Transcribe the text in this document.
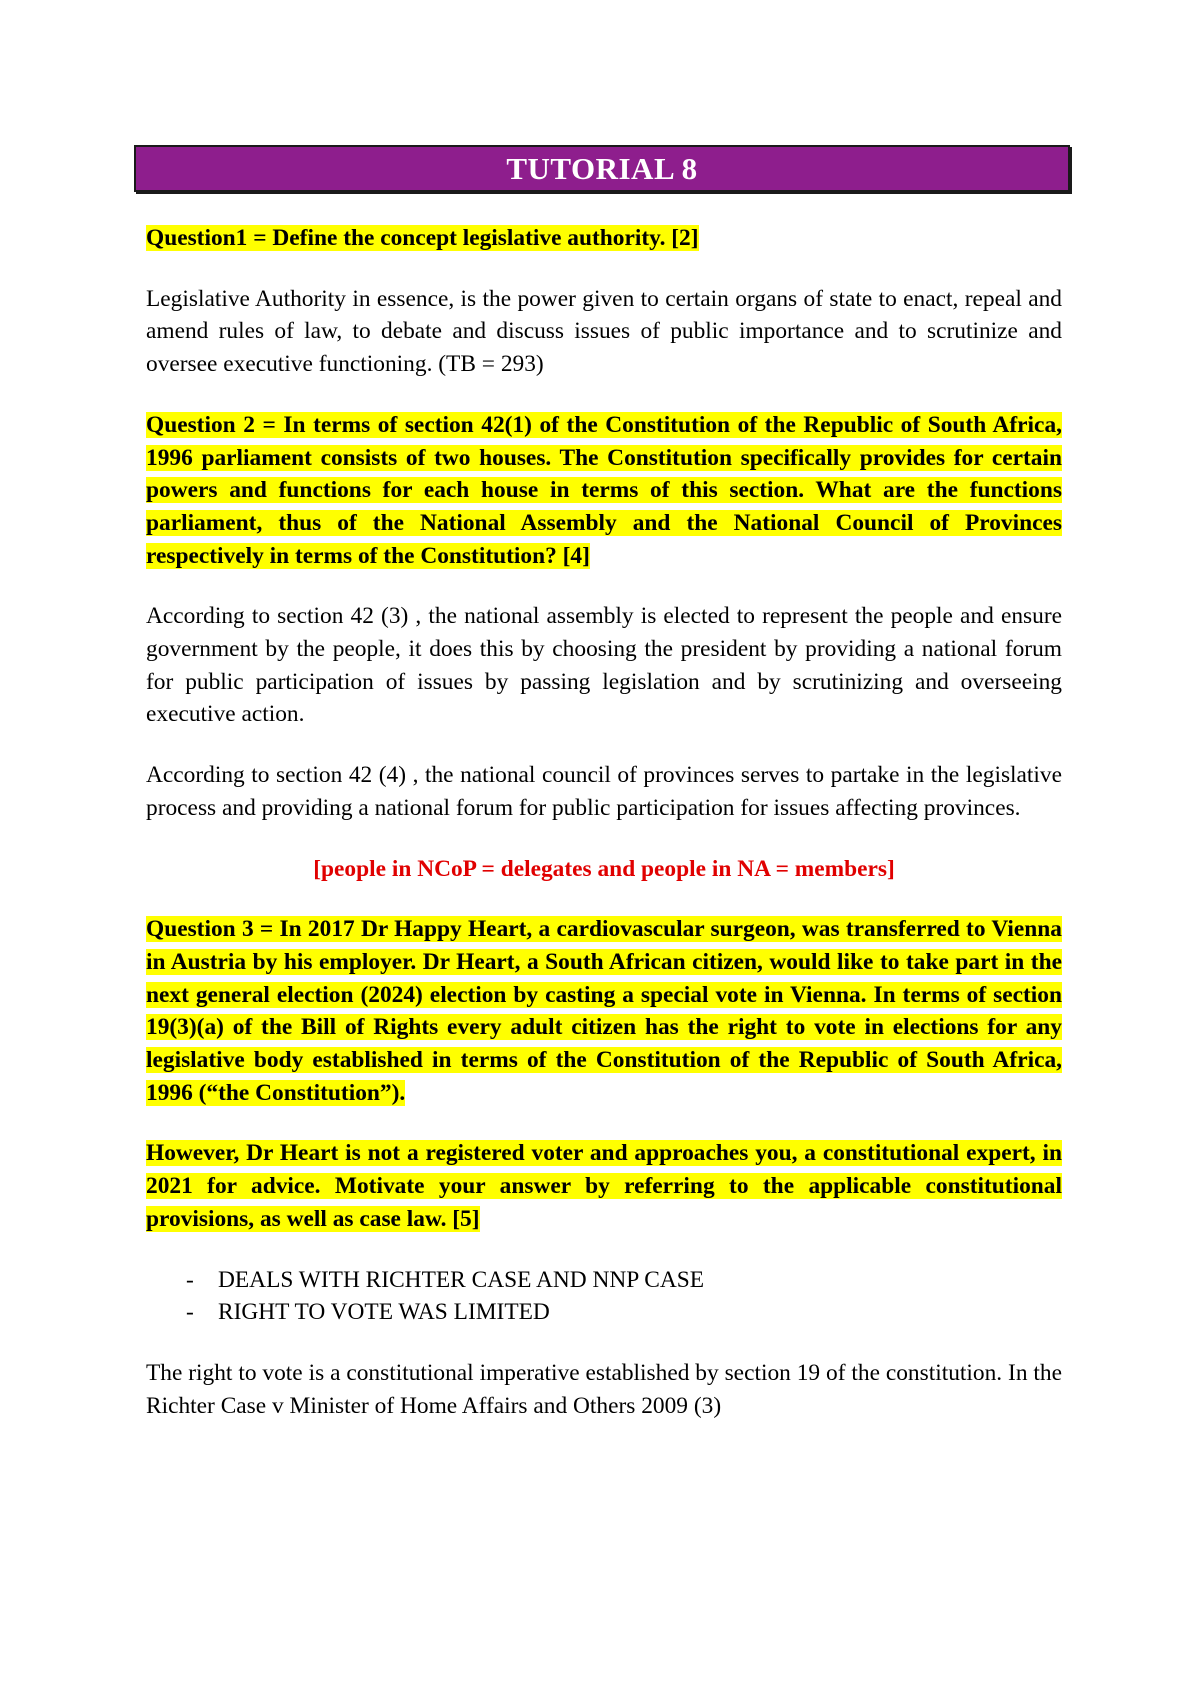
TUTORIAL 8

Question1 = Define the concept legislative authority. [2]

Legislative Authority in essence, is the power given to certain organs of state to enact, repeal and amend rules of law, to debate and discuss issues of public importance and to scrutinize and oversee executive functioning. (TB = 293)

Question 2 = In terms of section 42(1) of the Constitution of the Republic of South Africa, 1996 parliament consists of two houses. The Constitution specifically provides for certain powers and functions for each house in terms of this section. What are the functions parliament, thus of the National Assembly and the National Council of Provinces respectively in terms of the Constitution? [4]

According to section 42 (3) , the national assembly is elected to represent the people and ensure government by the people, it does this by choosing the president by providing a national forum for public participation of issues by passing legislation and by scrutinizing and overseeing executive action.

According to section 42 (4) , the national council of provinces serves to partake in the legislative process and providing a national forum for public participation for issues affecting provinces.

[people in NCoP = delegates and people in NA = members]

Question 3 = In 2017 Dr Happy Heart, a cardiovascular surgeon, was transferred to Vienna in Austria by his employer. Dr Heart, a South African citizen, would like to take part in the next general election (2024) election by casting a special vote in Vienna. In terms of section 19(3)(a) of the Bill of Rights every adult citizen has the right to vote in elections for any legislative body established in terms of the Constitution of the Republic of South Africa, 1996 (“the Constitution”).

However, Dr Heart is not a registered voter and approaches you, a constitutional expert, in 2021 for advice. Motivate your answer by referring to the applicable constitutional provisions, as well as case law. [5]

- DEALS WITH RICHTER CASE AND NNP CASE
- RIGHT TO VOTE WAS LIMITED

The right to vote is a constitutional imperative established by section 19 of the constitution. In the Richter Case v Minister of Home Affairs and Others 2009 (3)
